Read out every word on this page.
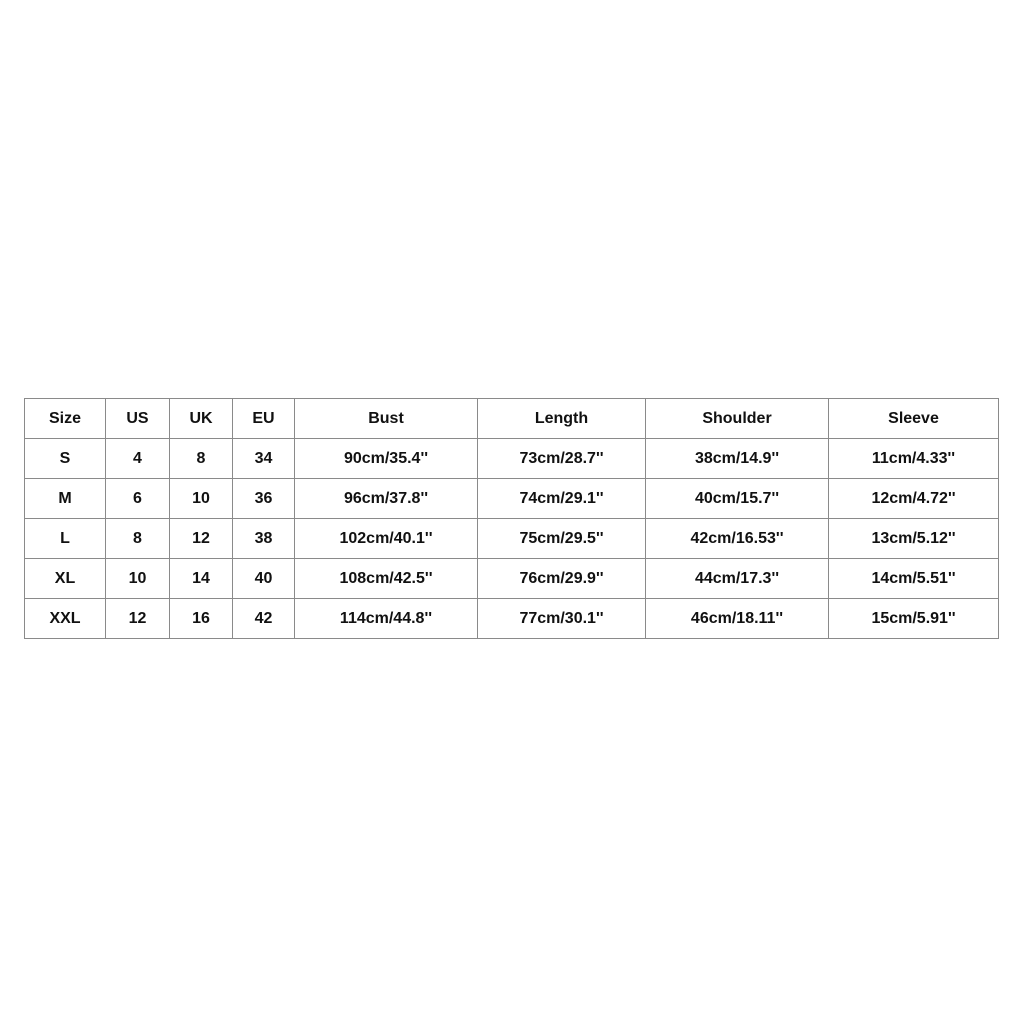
Size	US	UK	EU	Bust	Length	Shoulder	Sleeve
S	4	8	34	90cm/35.4''	73cm/28.7''	38cm/14.9''	11cm/4.33''
M	6	10	36	96cm/37.8''	74cm/29.1''	40cm/15.7''	12cm/4.72''
L	8	12	38	102cm/40.1''	75cm/29.5''	42cm/16.53''	13cm/5.12''
XL	10	14	40	108cm/42.5''	76cm/29.9''	44cm/17.3''	14cm/5.51''
XXL	12	16	42	114cm/44.8''	77cm/30.1''	46cm/18.11''	15cm/5.91''
